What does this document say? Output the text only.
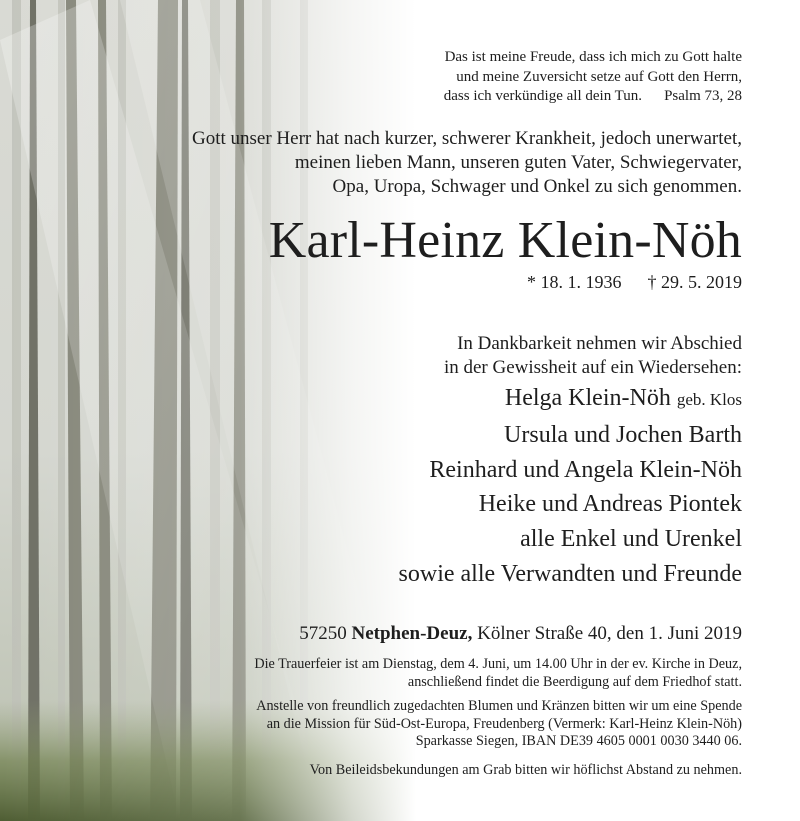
Das ist meine Freude, dass ich mich zu Gott halte
und meine Zuversicht setze auf Gott den Herrn,
dass ich verkündige all dein Tun. Psalm 73, 28
Gott unser Herr hat nach kurzer, schwerer Krankheit, jedoch unerwartet,
meinen lieben Mann, unseren guten Vater, Schwiegervater,
Opa, Uropa, Schwager und Onkel zu sich genommen.
Karl-Heinz Klein-Nöh
* 18. 1. 1936 † 29. 5. 2019
In Dankbarkeit nehmen wir Abschied
in der Gewissheit auf ein Wiedersehen:
Helga Klein-Nöh geb. Klos
Ursula und Jochen Barth
Reinhard und Angela Klein-Nöh
Heike und Andreas Piontek
alle Enkel und Urenkel
sowie alle Verwandten und Freunde
57250 Netphen-Deuz, Kölner Straße 40, den 1. Juni 2019
Die Trauerfeier ist am Dienstag, dem 4. Juni, um 14.00 Uhr in der ev. Kirche in Deuz,
anschließend findet die Beerdigung auf dem Friedhof statt.
Anstelle von freundlich zugedachten Blumen und Kränzen bitten wir um eine Spende
an die Mission für Süd-Ost-Europa, Freudenberg (Vermerk: Karl-Heinz Klein-Nöh)
Sparkasse Siegen, IBAN DE39 4605 0001 0030 3440 06.
Von Beileidsbekundungen am Grab bitten wir höflichst Abstand zu nehmen.
